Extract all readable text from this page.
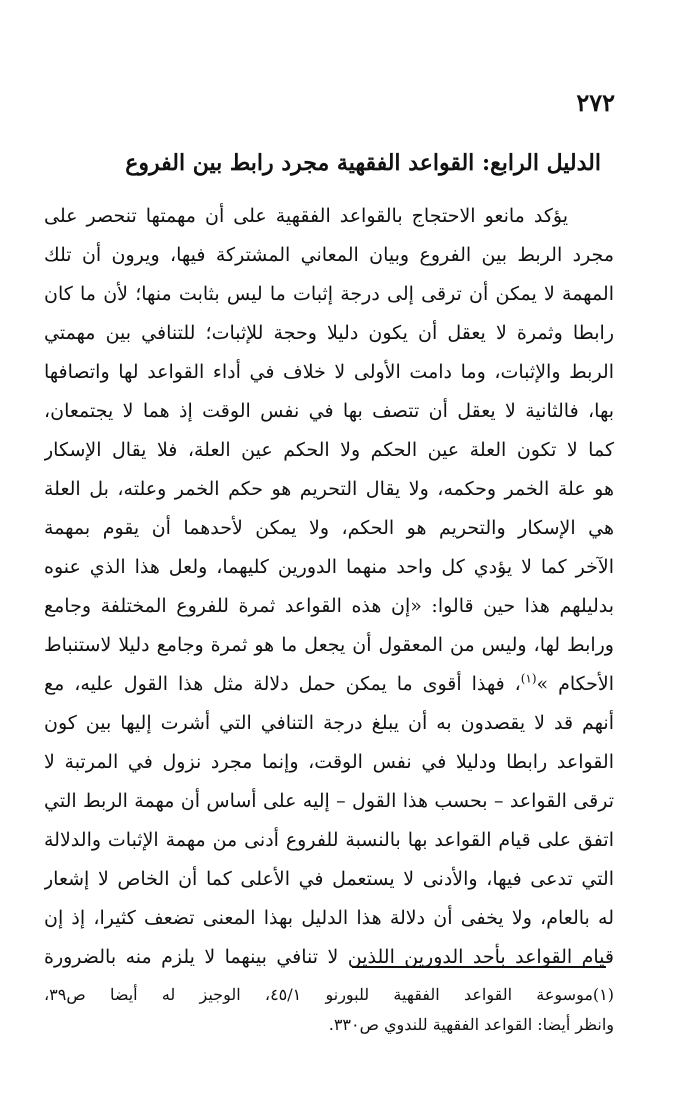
٢٧٢
الدليل الرابع: القواعد الفقهية مجرد رابط بين الفروع
يؤكد مانعو الاحتجاج بالقواعد الفقهية على أن مهمتها تنحصر على
مجرد الربط بين الفروع وبيان المعاني المشتركة فيها، ويرون أن تلك
المهمة لا يمكن أن ترقى إلى درجة إثبات ما ليس بثابت منها؛ لأن ما كان
رابطا وثمرة لا يعقل أن يكون دليلا وحجة للإثبات؛ للتنافي بين مهمتي
الربط والإثبات، وما دامت الأولى لا خلاف في أداء القواعد لها واتصافها
بها، فالثانية لا يعقل أن تتصف بها في نفس الوقت إذ هما لا يجتمعان،
كما لا تكون العلة عين الحكم ولا الحكم عين العلة، فلا يقال الإسكار
هو علة الخمر وحكمه، ولا يقال التحريم هو حكم الخمر وعلته، بل العلة
هي الإسكار والتحريم هو الحكم، ولا يمكن لأحدهما أن يقوم بمهمة
الآخر كما لا يؤدي كل واحد منهما الدورين كليهما، ولعل هذا الذي عنوه
بدليلهم هذا حين قالوا: «إن هذه القواعد ثمرة للفروع المختلفة وجامع
ورابط لها، وليس من المعقول أن يجعل ما هو ثمرة وجامع دليلا لاستنباط
الأحكام »$^{(١)}$، فهذا أقوى ما يمكن حمل دلالة مثل هذا القول عليه، مع
أنهم قد لا يقصدون به أن يبلغ درجة التنافي التي أشرت إليها بين كون
القواعد رابطا ودليلا في نفس الوقت، وإنما مجرد نزول في المرتبة لا
ترقى القواعد – بحسب هذا القول – إليه على أساس أن مهمة الربط التي
اتفق على قيام القواعد بها بالنسبة للفروع أدنى من مهمة الإثبات والدلالة
التي تدعى فيها، والأدنى لا يستعمل في الأعلى كما أن الخاص لا إشعار
له بالعام، ولا يخفى أن دلالة هذا الدليل بهذا المعنى تضعف كثيرا، إذ إن
قيام القواعد بأحد الدورين اللذين لا تنافي بينهما لا يلزم منه بالضرورة
(١)موسوعة القواعد الفقهية للبورنو ٤٥/١، الوجيز له أيضا ص٣٩،
وانظر أيضا: القواعد الفقهية للندوي ص٣٣٠.
